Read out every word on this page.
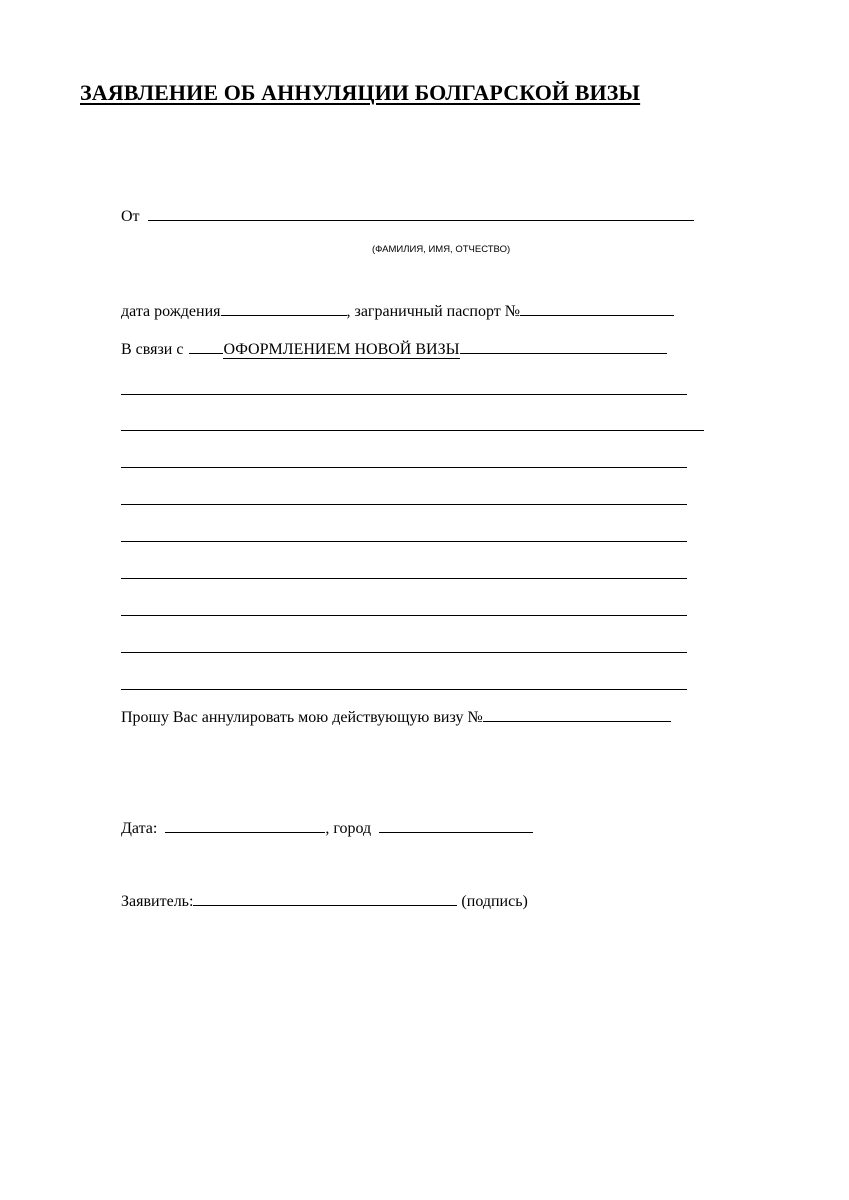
ЗАЯВЛЕНИЕ ОБ АННУЛЯЦИИ БОЛГАРСКОЙ ВИЗЫ
От
(ФАМИЛИЯ, ИМЯ, ОТЧЕСТВО)
дата рождения	, заграничный паспорт №
В связи с	ОФОРМЛЕНИЕМ НОВОЙ ВИЗЫ
Прошу Вас аннулировать мою действующую визу №
Дата:	, город
Заявитель:	(подпись)
